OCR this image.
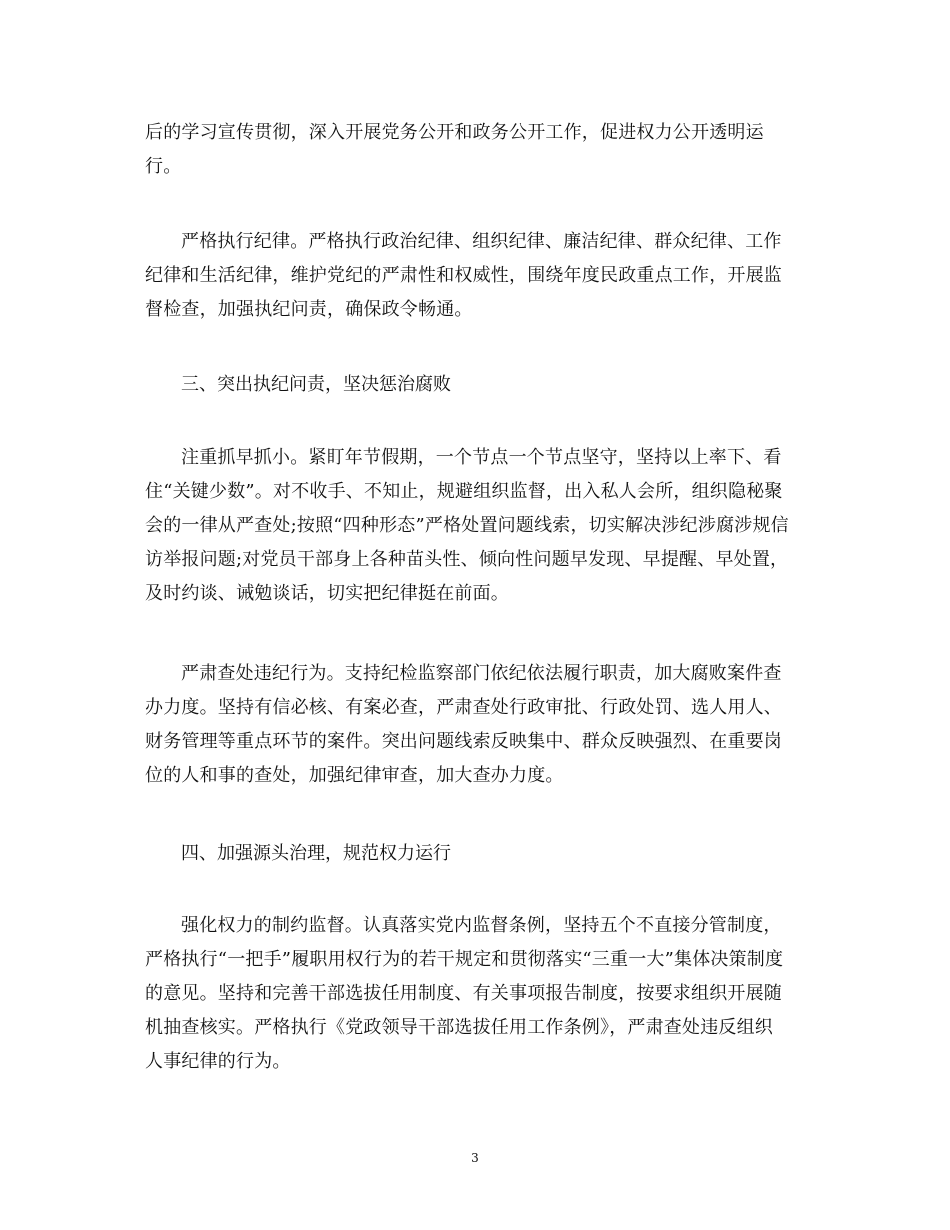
后的学习宣传贯彻，深入开展党务公开和政务公开工作，促进权力公开透明运
行。

严格执行纪律。严格执行政治纪律、组织纪律、廉洁纪律、群众纪律、工作
纪律和生活纪律，维护党纪的严肃性和权威性，围绕年度民政重点工作，开展监
督检查，加强执纪问责，确保政令畅通。

三、突出执纪问责，坚决惩治腐败

注重抓早抓小。紧盯年节假期，一个节点一个节点坚守，坚持以上率下、看
住“关键少数”。对不收手、不知止，规避组织监督，出入私人会所，组织隐秘聚
会的一律从严查处;按照“四种形态”严格处置问题线索，切实解决涉纪涉腐涉规信
访举报问题;对党员干部身上各种苗头性、倾向性问题早发现、早提醒、早处置，
及时约谈、诫勉谈话，切实把纪律挺在前面。

严肃查处违纪行为。支持纪检监察部门依纪依法履行职责，加大腐败案件查
办力度。坚持有信必核、有案必查，严肃查处行政审批、行政处罚、选人用人、
财务管理等重点环节的案件。突出问题线索反映集中、群众反映强烈、在重要岗
位的人和事的查处，加强纪律审查，加大查办力度。

四、加强源头治理，规范权力运行

强化权力的制约监督。认真落实党内监督条例，坚持五个不直接分管制度，
严格执行“一把手”履职用权行为的若干规定和贯彻落实“三重一大”集体决策制度
的意见。坚持和完善干部选拔任用制度、有关事项报告制度，按要求组织开展随
机抽查核实。严格执行《党政领导干部选拔任用工作条例》，严肃查处违反组织
人事纪律的行为。

3
